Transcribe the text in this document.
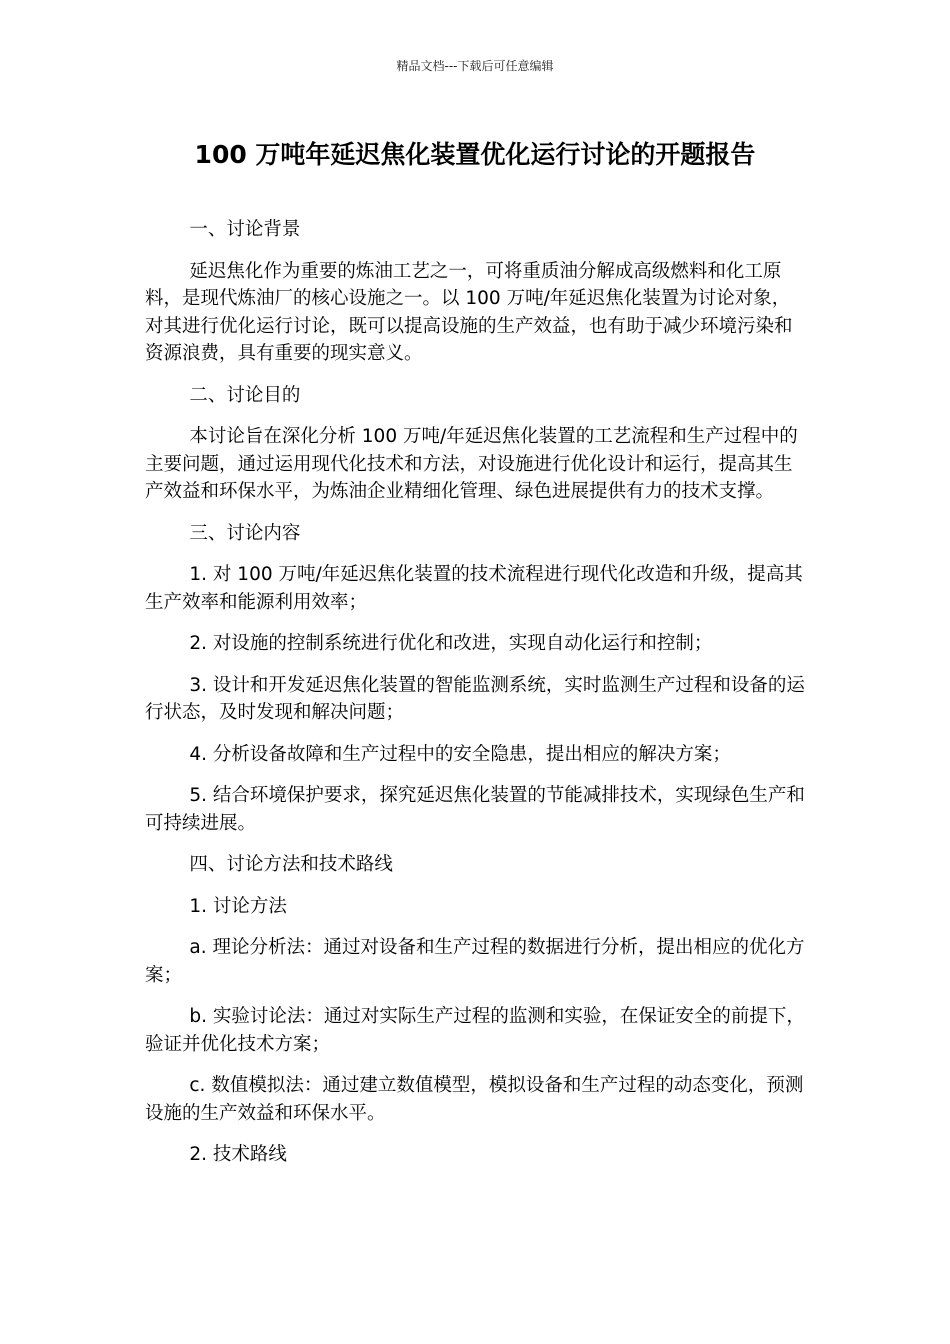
精品文档---下载后可任意编辑
100 万吨年延迟焦化装置优化运行讨论的开题报告

一、讨论背景

延迟焦化作为重要的炼油工艺之一，可将重质油分解成高级燃料和化工原料，是现代炼油厂的核心设施之一。以 100 万吨/年延迟焦化装置为讨论对象，对其进行优化运行讨论，既可以提高设施的生产效益，也有助于减少环境污染和资源浪费，具有重要的现实意义。

二、讨论目的

本讨论旨在深化分析 100 万吨/年延迟焦化装置的工艺流程和生产过程中的主要问题，通过运用现代化技术和方法，对设施进行优化设计和运行，提高其生产效益和环保水平，为炼油企业精细化管理、绿色进展提供有力的技术支撑。

三、讨论内容

1. 对 100 万吨/年延迟焦化装置的技术流程进行现代化改造和升级，提高其生产效率和能源利用效率；

2. 对设施的控制系统进行优化和改进，实现自动化运行和控制；

3. 设计和开发延迟焦化装置的智能监测系统，实时监测生产过程和设备的运行状态，及时发现和解决问题；

4. 分析设备故障和生产过程中的安全隐患，提出相应的解决方案；

5. 结合环境保护要求，探究延迟焦化装置的节能减排技术，实现绿色生产和可持续进展。

四、讨论方法和技术路线

1. 讨论方法

a. 理论分析法：通过对设备和生产过程的数据进行分析，提出相应的优化方案；

b. 实验讨论法：通过对实际生产过程的监测和实验，在保证安全的前提下，验证并优化技术方案；

c. 数值模拟法：通过建立数值模型，模拟设备和生产过程的动态变化，预测设施的生产效益和环保水平。

2. 技术路线
